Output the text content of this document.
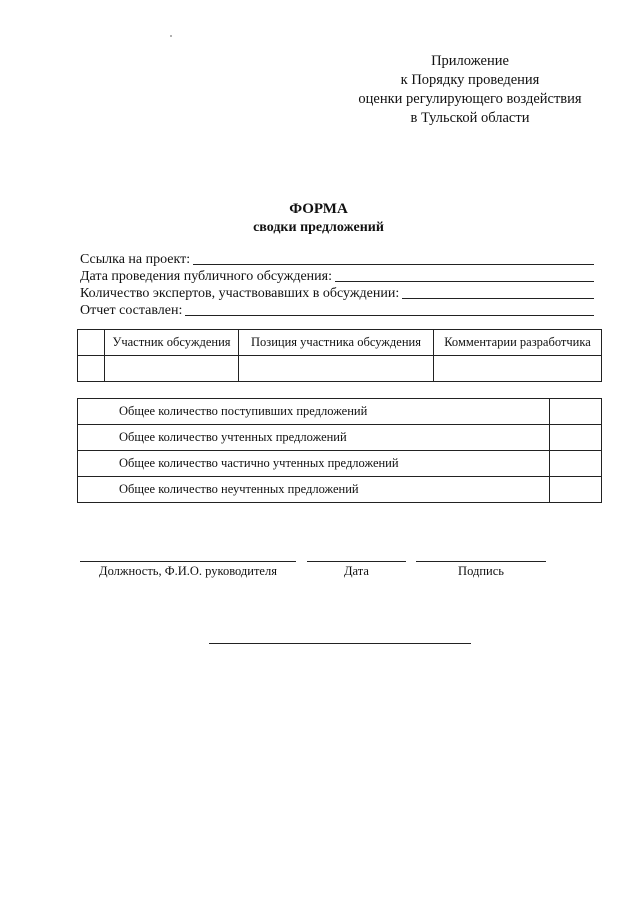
Приложение
к Порядку проведения
оценки регулирующего воздействия
в Тульской области
ФОРМА
сводки предложений
Ссылка на проект:
Дата проведения публичного обсуждения:
Количество экспертов, участвовавших в обсуждении:
Отчет составлен:
	Участник обсуждения	Позиция участника обсуждения	Комментарии разработчика

Общее количество поступивших предложений	
Общее количество учтенных предложений	
Общее количество частично учтенных предложений	
Общее количество неучтенных предложений	
Должность, Ф.И.О. руководителя	Дата	Подпись
